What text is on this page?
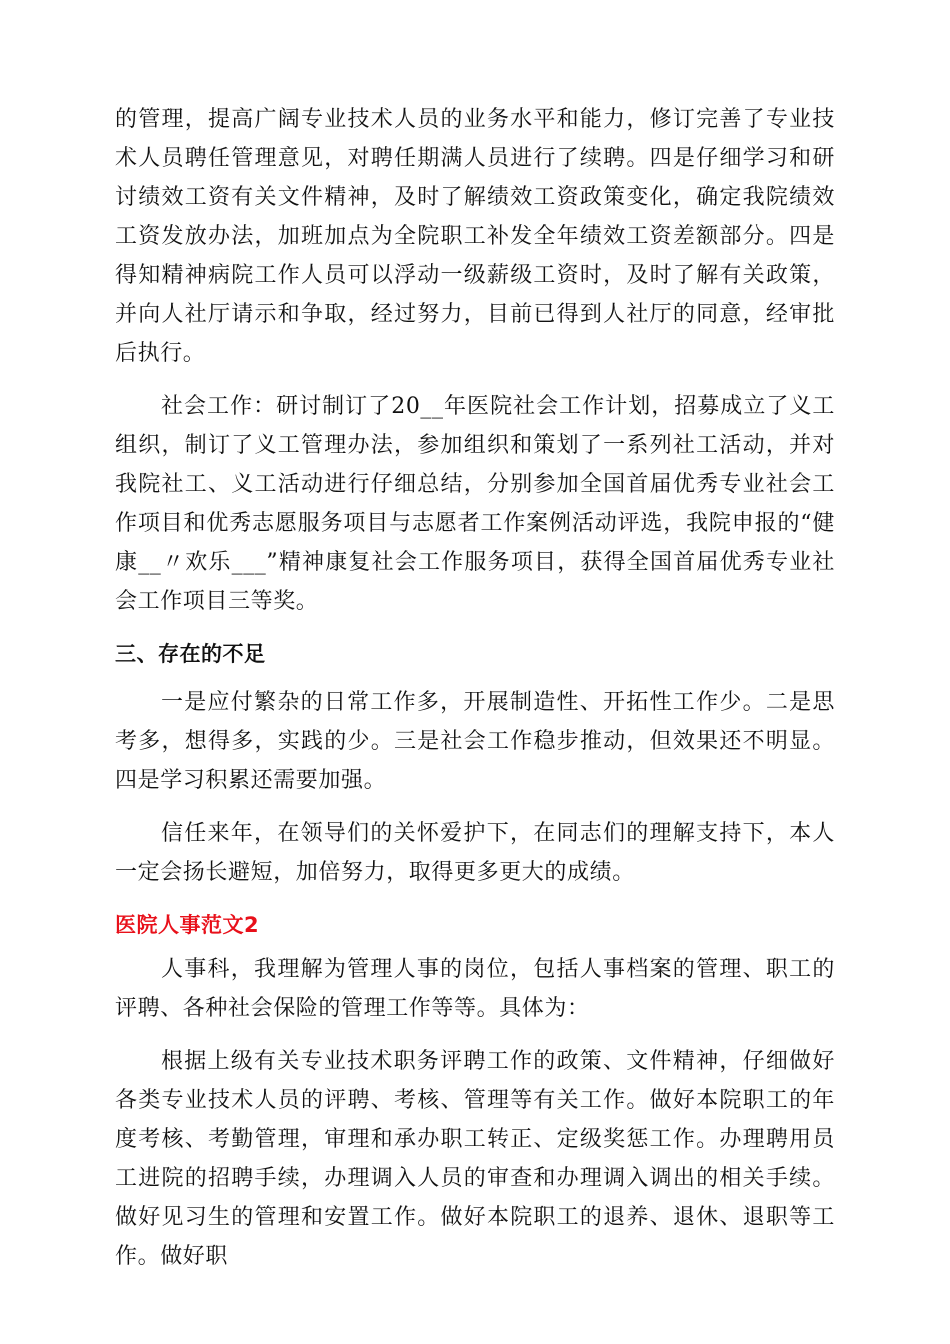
的管理，提高广阔专业技术人员的业务水平和能力，修订完善了专业技术人员聘任管理意见，对聘任期满人员进行了续聘。四是仔细学习和研讨绩效工资有关文件精神，及时了解绩效工资政策变化，确定我院绩效工资发放办法，加班加点为全院职工补发全年绩效工资差额部分。四是得知精神病院工作人员可以浮动一级薪级工资时，及时了解有关政策，并向人社厅请示和争取，经过努力，目前已得到人社厅的同意，经审批后执行。

社会工作：研讨制订了20__年医院社会工作计划，招募成立了义工组织，制订了义工管理办法，参加组织和策划了一系列社工活动，并对我院社工、义工活动进行仔细总结，分别参加全国首届优秀专业社会工作项目和优秀志愿服务项目与志愿者工作案例活动评选，我院申报的“健康__〃欢乐___”精神康复社会工作服务项目，获得全国首届优秀专业社会工作项目三等奖。

三、存在的不足

一是应付繁杂的日常工作多，开展制造性、开拓性工作少。二是思考多，想得多，实践的少。三是社会工作稳步推动，但效果还不明显。四是学习积累还需要加强。

信任来年，在领导们的关怀爱护下，在同志们的理解支持下，本人一定会扬长避短，加倍努力，取得更多更大的成绩。

医院人事范文2

人事科，我理解为管理人事的岗位，包括人事档案的管理、职工的评聘、各种社会保险的管理工作等等。具体为：

根据上级有关专业技术职务评聘工作的政策、文件精神，仔细做好各类专业技术人员的评聘、考核、管理等有关工作。做好本院职工的年度考核、考勤管理，审理和承办职工转正、定级奖惩工作。办理聘用员工进院的招聘手续，办理调入人员的审查和办理调入调出的相关手续。做好见习生的管理和安置工作。做好本院职工的退养、退休、退职等工作。做好职
